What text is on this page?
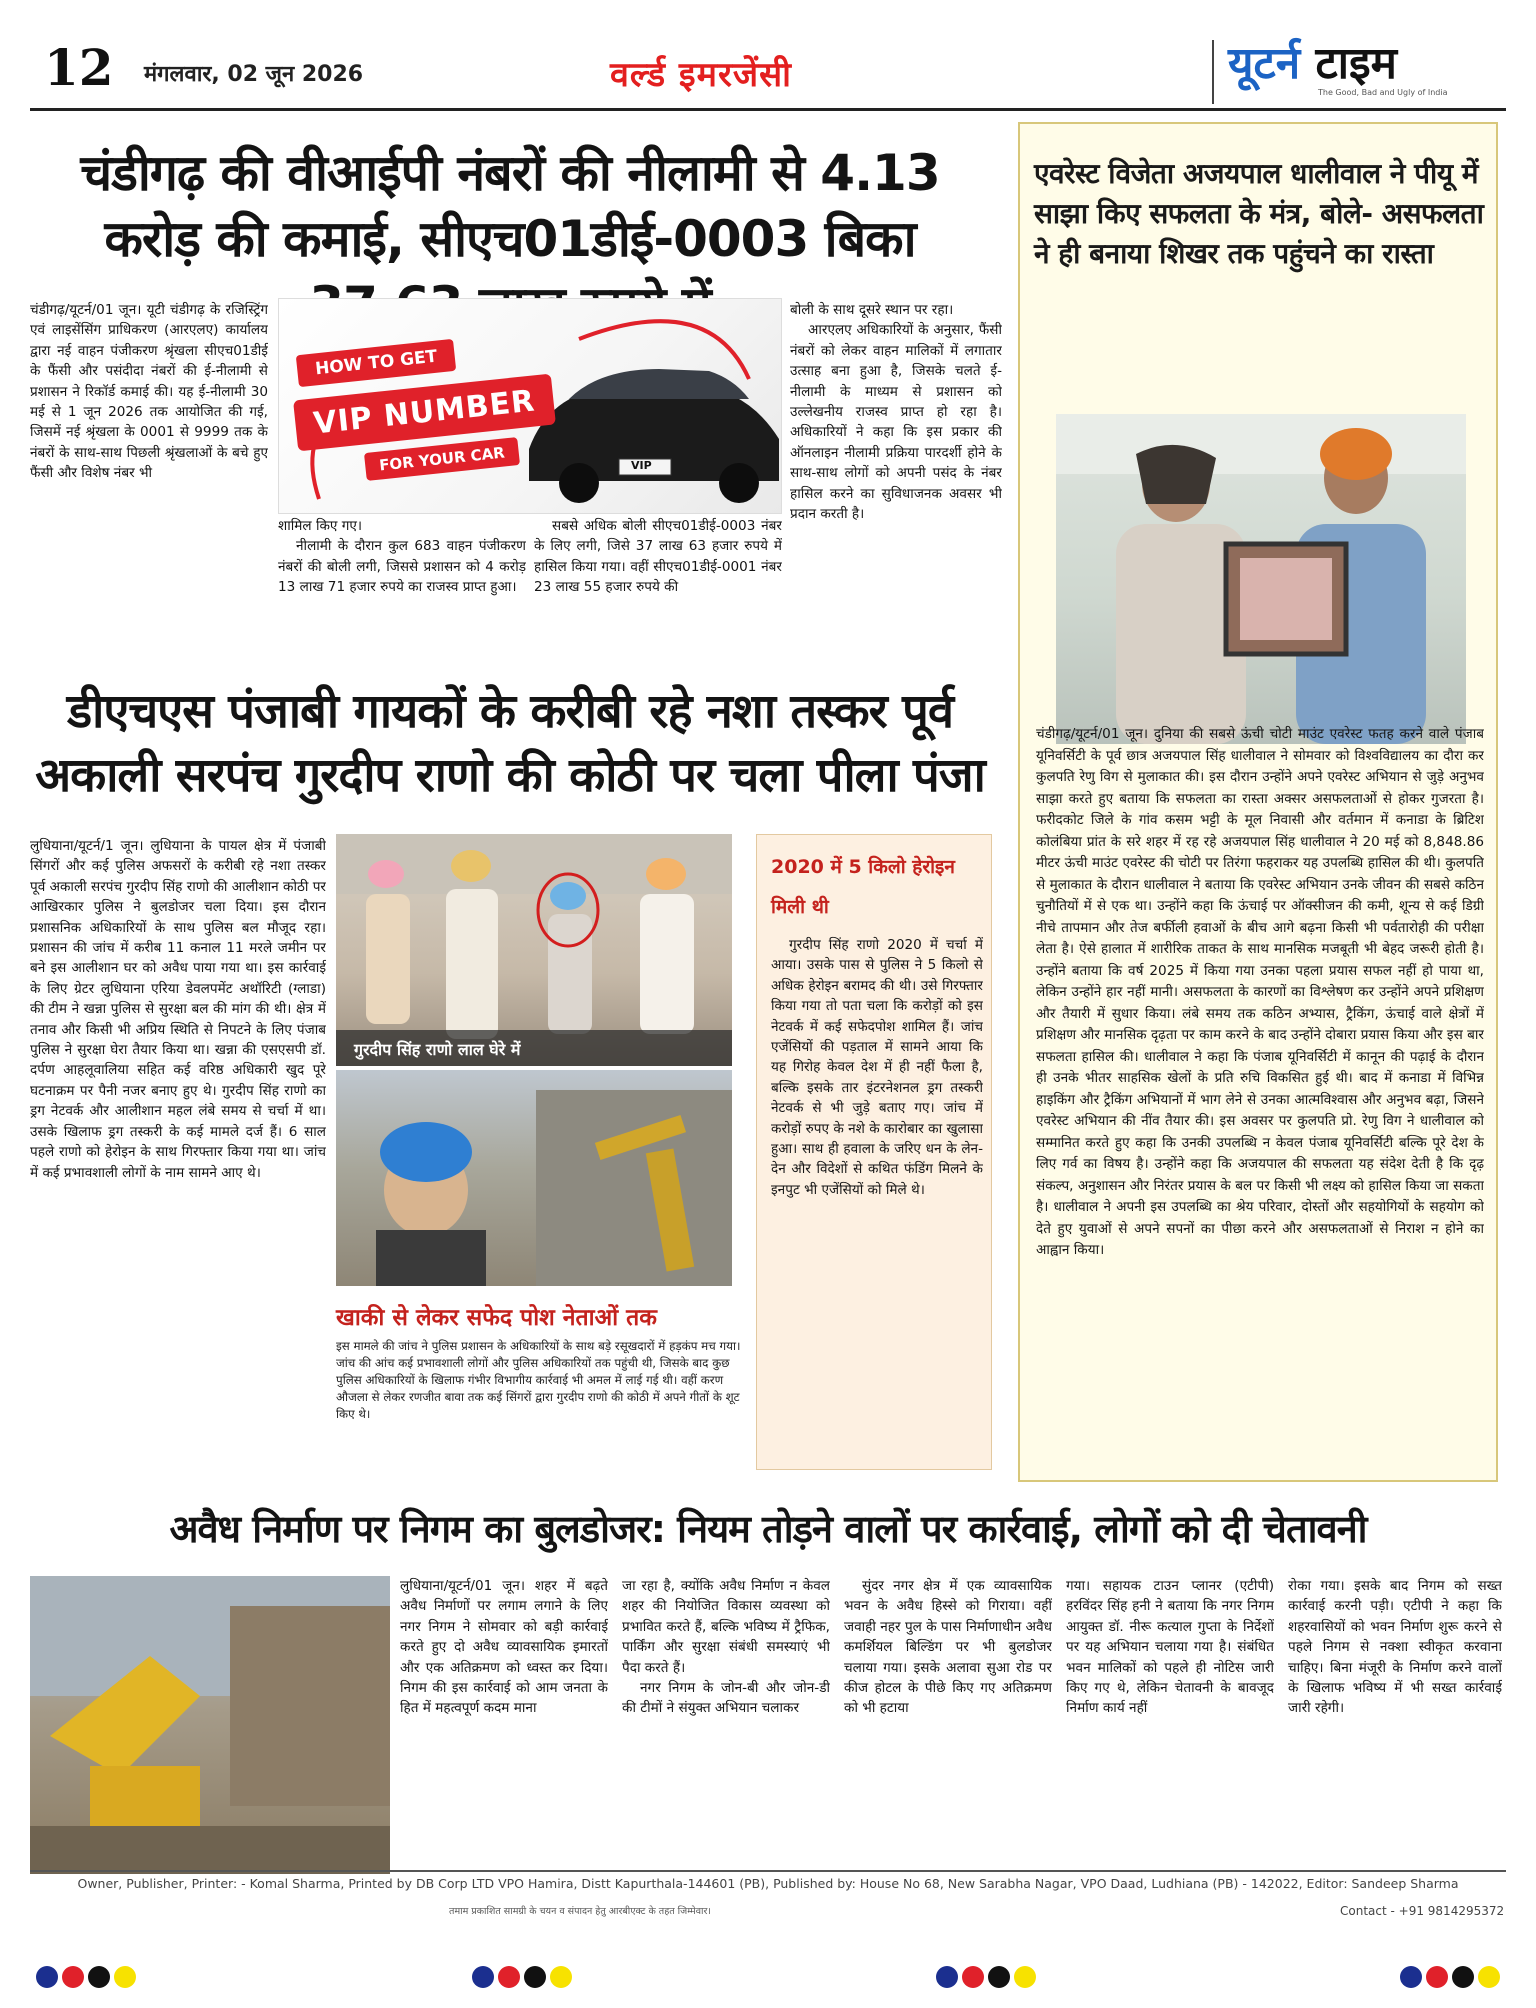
12 मंगलवार, 02 जून 2026	वर्ल्ड इमरजेंसी	यूटर्न टाइम
The Good, Bad and Ugly of India
चंडीगढ़ की वीआईपी नंबरों की नीलामी से 4.13 करोड़ की कमाई, सीएच01डीई-0003 बिका

चंडीगढ़/यूटर्न/01 जून। यूटी चंडीगढ़ के रजिस्ट्रिंग एवं लाइसेंसिंग प्राधिकरण (आरएलए) कार्यालय द्वारा नई वाहन पंजीकरण श्रृंखला सीएच01डीई के फैंसी और पसंदीदा नंबरों की ई-नीलामी से प्रशासन ने रिकॉर्ड कमाई की। यह ई-नीलामी 30 मई से 1 जून 2026 तक आयोजित की गई, जिसमें नई श्रृंखला के 0001 से 9999 तक के नंबरों के साथ-साथ पिछली श्रृंखलाओं के बचे हुए फैंसी और विशेष नंबर भी	VIP
HOW TO GET
VIP NUMBER
FOR YOUR CAR

शामिल किए गए।

नीलामी के दौरान कुल 683 वाहन पंजीकरण नंबरों की बोली लगी, जिससे प्रशासन को 4 करोड़ 13 लाख 71 हजार रुपये का राजस्व प्राप्त हुआ।

सबसे अधिक बोली सीएच01डीई-0003 नंबर के लिए लगी, जिसे 37 लाख 63 हजार रुपये में हासिल किया गया। वहीं सीएच01डीई-0001 नंबर 23 लाख 55 हजार रुपये की

बोली के साथ दूसरे स्थान पर रहा।

आरएलए अधिकारियों के अनुसार, फैंसी नंबरों को लेकर वाहन मालिकों में लगातार उत्साह बना हुआ है, जिसके चलते ई-नीलामी के माध्यम से प्रशासन को उल्लेखनीय राजस्व प्राप्त हो रहा है। अधिकारियों ने कहा कि इस प्रकार की ऑनलाइन नीलामी प्रक्रिया पारदर्शी होने के साथ-साथ लोगों को अपनी पसंद के नंबर हासिल करने का सुविधाजनक अवसर भी प्रदान करती है।

डीएचएस पंजाबी गायकों के करीबी रहे नशा तस्कर पूर्व अकाली सरपंच गुरदीप राणो की कोठी पर चला पीला पंजा

लुधियाना/यूटर्न/1 जून। लुधियाना के पायल क्षेत्र में पंजाबी सिंगरों और कई पुलिस अफसरों के करीबी रहे नशा तस्कर पूर्व अकाली सरपंच गुरदीप सिंह राणो की आलीशान कोठी पर आखिरकार पुलिस ने बुलडोजर चला दिया। इस दौरान प्रशासनिक अधिकारियों के साथ पुलिस बल मौजूद रहा। प्रशासन की जांच में करीब 11 कनाल 11 मरले जमीन पर बने इस आलीशान घर को अवैध पाया गया था। इस कार्रवाई के लिए ग्रेटर लुधियाना एरिया डेवलपमेंट अथॉरिटी (ग्लाडा) की टीम ने खन्ना पुलिस से सुरक्षा बल की मांग की थी। क्षेत्र में तनाव और किसी भी अप्रिय स्थिति से निपटने के लिए पंजाब पुलिस ने सुरक्षा घेरा तैयार किया था। खन्ना की एसएसपी डॉ. दर्पण आहलूवालिया सहित कई वरिष्ठ अधिकारी खुद पूरे घटनाक्रम पर पैनी नजर बनाए हुए थे। गुरदीप सिंह राणो का ड्रग नेटवर्क और आलीशान महल लंबे समय से चर्चा में था। उसके खिलाफ ड्रग तस्करी के कई मामले दर्ज हैं। 6 साल पहले राणो को हेरोइन के साथ गिरफ्तार किया गया था। जांच में कई प्रभावशाली लोगों के नाम सामने आए थे।

गुरदीप सिंह राणो लाल घेरे में
खाकी से लेकर सफेद पोश नेताओं तक
इस मामले की जांच ने पुलिस प्रशासन के अधिकारियों के साथ बड़े रसूखदारों में हड़कंप मच गया। जांच की आंच कई प्रभावशाली लोगों और पुलिस अधिकारियों तक पहुंची थी, जिसके बाद कुछ पुलिस अधिकारियों के खिलाफ गंभीर विभागीय कार्रवाई भी अमल में लाई गई थी। वहीं करण औजला से लेकर रणजीत बावा तक कई सिंगरों द्वारा गुरदीप राणो की कोठी में अपने गीतों के शूट किए थे।
2020 में 5 किलो हेरोइन मिली थी

गुरदीप सिंह राणो 2020 में चर्चा में आया। उसके पास से पुलिस ने 5 किलो से अधिक हेरोइन बरामद की थी। उसे गिरफ्तार किया गया तो पता चला कि करोड़ों को इस नेटवर्क में कई सफेदपोश शामिल हैं। जांच एजेंसियों की पड़ताल में सामने आया कि यह गिरोह केवल देश में ही नहीं फैला है, बल्कि इसके तार इंटरनेशनल ड्रग तस्करी नेटवर्क से भी जुड़े बताए गए। जांच में करोड़ों रुपए के नशे के कारोबार का खुलासा हुआ। साथ ही हवाला के जरिए धन के लेन-देन और विदेशों से कथित फंडिंग मिलने के इनपुट भी एजेंसियों को मिले थे।

एवरेस्ट विजेता अजयपाल धालीवाल ने पीयू में साझा किए सफलता के मंत्र, बोले- असफलता ने ही बनाया शिखर तक पहुंचने का रास्ता

चंडीगढ़/यूटर्न/01 जून। दुनिया की सबसे ऊंची चोटी माउंट एवरेस्ट फतह करने वाले पंजाब यूनिवर्सिटी के पूर्व छात्र अजयपाल सिंह धालीवाल ने सोमवार को विश्वविद्यालय का दौरा कर कुलपति रेणु विग से मुलाकात की। इस दौरान उन्होंने अपने एवरेस्ट अभियान से जुड़े अनुभव साझा करते हुए बताया कि सफलता का रास्ता अक्सर असफलताओं से होकर गुजरता है। फरीदकोट जिले के गांव कसम भट्टी के मूल निवासी और वर्तमान में कनाडा के ब्रिटिश कोलंबिया प्रांत के सरे शहर में रह रहे अजयपाल सिंह धालीवाल ने 20 मई को 8,848.86 मीटर ऊंची माउंट एवरेस्ट की चोटी पर तिरंगा फहराकर यह उपलब्धि हासिल की थी। कुलपति से मुलाकात के दौरान धालीवाल ने बताया कि एवरेस्ट अभियान उनके जीवन की सबसे कठिन चुनौतियों में से एक था। उन्होंने कहा कि ऊंचाई पर ऑक्सीजन की कमी, शून्य से कई डिग्री नीचे तापमान और तेज बर्फीली हवाओं के बीच आगे बढ़ना किसी भी पर्वतारोही की परीक्षा लेता है। ऐसे हालात में शारीरिक ताकत के साथ मानसिक मजबूती भी बेहद जरूरी होती है। उन्होंने बताया कि वर्ष 2025 में किया गया उनका पहला प्रयास सफल नहीं हो पाया था, लेकिन उन्होंने हार नहीं मानी। असफलता के कारणों का विश्लेषण कर उन्होंने अपने प्रशिक्षण और तैयारी में सुधार किया। लंबे समय तक कठिन अभ्यास, ट्रैकिंग, ऊंचाई वाले क्षेत्रों में प्रशिक्षण और मानसिक दृढ़ता पर काम करने के बाद उन्होंने दोबारा प्रयास किया और इस बार सफलता हासिल की। धालीवाल ने कहा कि पंजाब यूनिवर्सिटी में कानून की पढ़ाई के दौरान ही उनके भीतर साहसिक खेलों के प्रति रुचि विकसित हुई थी। बाद में कनाडा में विभिन्न हाइकिंग और ट्रैकिंग अभियानों में भाग लेने से उनका आत्मविश्वास और अनुभव बढ़ा, जिसने एवरेस्ट अभियान की नींव तैयार की। इस अवसर पर कुलपति प्रो. रेणु विग ने धालीवाल को सम्मानित करते हुए कहा कि उनकी उपलब्धि न केवल पंजाब यूनिवर्सिटी बल्कि पूरे देश के लिए गर्व का विषय है। उन्होंने कहा कि अजयपाल की सफलता यह संदेश देती है कि दृढ़ संकल्प, अनुशासन और निरंतर प्रयास के बल पर किसी भी लक्ष्य को हासिल किया जा सकता है। धालीवाल ने अपनी इस उपलब्धि का श्रेय परिवार, दोस्तों और सहयोगियों के सहयोग को देते हुए युवाओं से अपने सपनों का पीछा करने और असफलताओं से निराश न होने का आह्वान किया।

अवैध निर्माण पर निगम का बुलडोजर: नियम तोड़ने वालों पर कार्रवाई, लोगों को दी चेतावनी

लुधियाना/यूटर्न/01 जून। शहर में बढ़ते अवैध निर्माणों पर लगाम लगाने के लिए नगर निगम ने सोमवार को बड़ी कार्रवाई करते हुए दो अवैध व्यावसायिक इमारतों और एक अतिक्रमण को ध्वस्त कर दिया। निगम की इस कार्रवाई को आम जनता के हित में महत्वपूर्ण कदम माना

जा रहा है, क्योंकि अवैध निर्माण न केवल शहर की नियोजित विकास व्यवस्था को प्रभावित करते हैं, बल्कि भविष्य में ट्रैफिक, पार्किंग और सुरक्षा संबंधी समस्याएं भी पैदा करते हैं।

नगर निगम के जोन-बी और जोन-डी की टीमों ने संयुक्त अभियान चलाकर

सुंदर नगर क्षेत्र में एक व्यावसायिक भवन के अवैध हिस्से को गिराया। वहीं जवाही नहर पुल के पास निर्माणाधीन अवैध कमर्शियल बिल्डिंग पर भी बुलडोजर चलाया गया। इसके अलावा सुआ रोड पर कीज होटल के पीछे किए गए अतिक्रमण को भी हटाया

गया। सहायक टाउन प्लानर (एटीपी) हरविंदर सिंह हनी ने बताया कि नगर निगम आयुक्त डॉ. नीरू कत्याल गुप्ता के निर्देशों पर यह अभियान चलाया गया है। संबंधित भवन मालिकों को पहले ही नोटिस जारी किए गए थे, लेकिन चेतावनी के बावजूद निर्माण कार्य नहीं

रोका गया। इसके बाद निगम को सख्त कार्रवाई करनी पड़ी। एटीपी ने कहा कि शहरवासियों को भवन निर्माण शुरू करने से पहले निगम से नक्शा स्वीकृत करवाना चाहिए। बिना मंजूरी के निर्माण करने वालों के खिलाफ भविष्य में भी सख्त कार्रवाई जारी रहेगी।

Owner, Publisher, Printer: - Komal Sharma, Printed by DB Corp LTD VPO Hamira, Distt Kapurthala-144601 (PB), Published by: House No 68, New Sarabha Nagar, VPO Daad, Ludhiana (PB) - 142022, Editor: Sandeep Sharma
तमाम प्रकाशित सामग्री के चयन व संपादन हेतु आरबीएक्ट के तहत जिम्मेवार।	Contact - +91 9814295372
